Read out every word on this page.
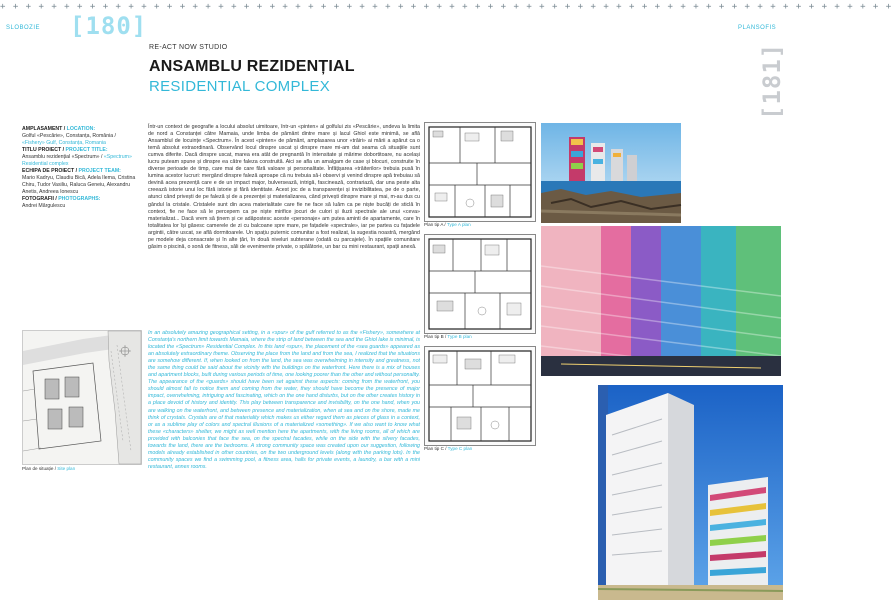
+ + + + + + + + + + + + + + + + + + + + + + + + + + + + + + + + + + + + + + + + + + + + + + + + + + + + + + + + + + + + + + + + + + + + + +
SLOBOZIE [180]	PLANSOFIS
[181]
RE-ACT NOW STUDIO
ANSAMBLU REZIDENȚIAL
RESIDENTIAL COMPLEX
AMPLASAMENT / LOCATION:
Golful «Pescărie», Constanța, România / «Fishery» Gulf, Constanța, Romania
TITLU PROIECT / PROJECT TITLE:
Ansamblu rezidențial «Spectrum» / «Spectrum» Residential complex
ECHIPA DE PROIECT / PROJECT TEAM:
Mario Kadryu, Claudiu Bică, Adela Ilema, Cristina Chiru, Tudor Vasiliu, Raluca Geneiu, Alexandru Anetis, Andreea Ionescu
FOTOGRAFII / PHOTOGRAPHS:
Andrei Mărgulescu
Într-un context de geografie a locului absolut uimitoare, într-un «pinten» al golfului zis «Pescărie», undeva la limita de nord a Constanței către Mamaia, unde limba de pământ dintre mare și lacul Ghiol este minimă, se află Ansamblul de locuințe «Spectrum». În acest «pinten» de pământ, amplasarea unor «trăiri» ai mării a apărut ca o temă absolut extraordinară. Observând locul dinspre uscat și dinspre mare mi-am dat seama că situațiile sunt cumva diferite. Dacă dinspre uscat, marea era atât de pregnantă în intensitate și mărime dobortitoare, nu același lucru puteam spune și dinspre ea către faleza construită. Aici se afla un amalgam de case și blocuri, construite în diverse perioade de timp, care mai de care fără valoare și personalitate. Înfățișarea «trăiterilor» trebuia pusă în lumina acestor lucruri: mergând dinspre faleză aproape că nu trebuia să-i observi și venind dinspre apă trebuiau să devină acea prezență care e de un impact major, bulversează, intrigă, fascinează, contrariază, dar una peste alta creează istorie unui loc fără istorie și fără identitate. Acest joc de a transparenței și invizibilitatea, pe de o parte, atunci când privești de pe faleză și de a prezenței și materializarea, când privești dinspre mare și mai, m-au dus cu gândul la cristale. Cristalele sunt din acea materialitate care fie ne face să luăm ca pe niște bucăți de sticlă în context, fie ne face să le percepem ca pe niște mirifice jocuri de culori și iluzii spectrale ale unui «ceva» materializat... Dacă vrem să ținem și ce adăpostesc aceste «personaje» am putea aminti de apartamente, care în totalitatea lor își găsesc camerele de zi cu balcoane spre mare, pe fațadele «spectrale», iar pe partea cu fațadele argintii, către uscat, se află dormitoarele. Un spațiu puternic comunitar a fost realizat, la sugestia noastră, mergând pe modele deja consacrate și în alte țări, în două niveluri subterane (odată cu parcajele). În spațiile comunitare găsim o piscină, o sonă de fitness, săli de evenimente private, o spălătorie, un bar cu mini restaurant, spații anexă.
In an absolutely amazing geographical setting, in a «spur» of the gulf referred to as the «Fishery», somewhere at Constanța's northern limit towards Mamaia, where the strip of land between the sea and the Ghiol lake is minimal, is located the «Spectrum» Residential Complex. In this land «spur», the placement of the «sea guards» appeared as an absolutely extraordinary theme. Observing the place from the land and from the sea, I realized that the situations are somehow different. If, when looked on from the land, the sea was overwhelming in intensity and greatness, not the same thing could be said about the vicinity with the buildings on the waterfront. Here there is a mix of houses and apartment blocks, built during various periods of time, one looking poorer than the other and without personality. The appearance of the «guards» should have been set against these aspects: coming from the waterfront, you should almost fail to notice them and coming from the water, they should have become the presence of major impact, overwhelming, intriguing and fascinating, which on the one hand disturbs, but on the other creates history in a place devoid of history and identity. This play between transparence and invisibility, on the one hand, when you are walking on the waterfront, and between presence and materialization, when at sea and on the shore, made me think of crystals. Crystals are of that materiality which makes us either regard them as pieces of glass in a context, or as a sublime play of colors and spectral illusions of a materialized «something». If we also want to know what these «characters» shelter, we might as well mention here the apartments, with the living rooms, all of which are provided with balconies that face the sea, on the spectral facades, while on the side with the silvery facades, towards the land, there are the bedrooms. A strong community space was created upon our suggestion, following models already established in other countries, on the two underground levels (along with the parking lots). In the community spaces we find a swimming pool, a fitness area, halls for private events, a laundry, a bar with a mini restaurant, annex rooms.
Plan de situație / Site plan
Plan tip A / Type A plan
Plan tip B / Type B plan
Plan tip C / Type C plan
